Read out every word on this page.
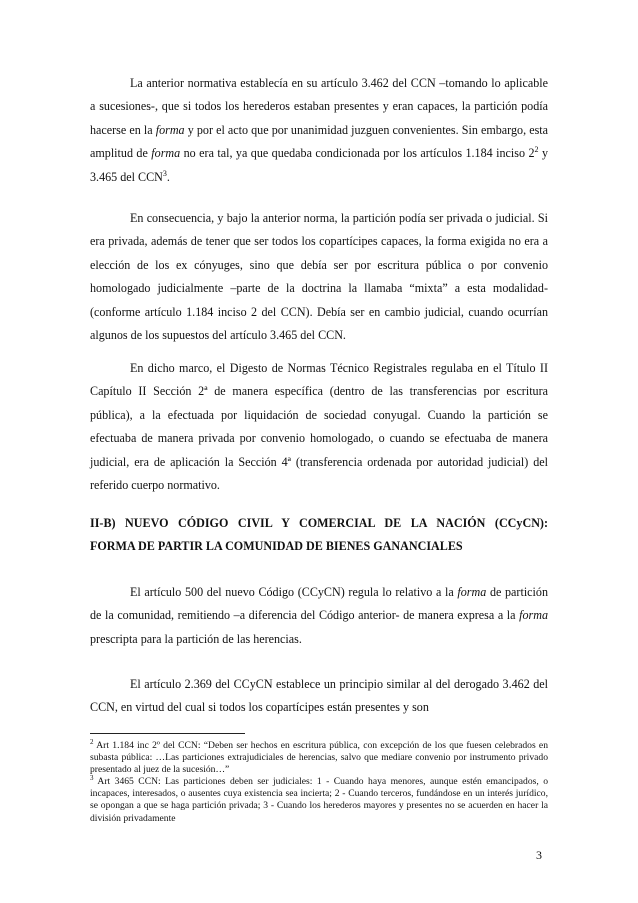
La anterior normativa establecía en su artículo 3.462 del CCN –tomando lo aplicable a sucesiones-, que si todos los herederos estaban presentes y eran capaces, la partición podía hacerse en la forma y por el acto que por unanimidad juzguen convenientes. Sin embargo, esta amplitud de forma no era tal, ya que quedaba condicionada por los artículos 1.184 inciso $2^2$ y 3.465 del CCN$^3$.

En consecuencia, y bajo la anterior norma, la partición podía ser privada o judicial. Si era privada, además de tener que ser todos los copartícipes capaces, la forma exigida no era a elección de los ex cónyuges, sino que debía ser por escritura pública o por convenio homologado judicialmente –parte de la doctrina la llamaba “mixta” a esta modalidad- (conforme artículo 1.184 inciso 2 del CCN). Debía ser en cambio judicial, cuando ocurrían algunos de los supuestos del artículo 3.465 del CCN.

En dicho marco, el Digesto de Normas Técnico Registrales regulaba en el Título II Capítulo II Sección 2ª de manera específica (dentro de las transferencias por escritura pública), a la efectuada por liquidación de sociedad conyugal. Cuando la partición se efectuaba de manera privada por convenio homologado, o cuando se efectuaba de manera judicial, era de aplicación la Sección 4ª (transferencia ordenada por autoridad judicial) del referido cuerpo normativo.

II-B) NUEVO CÓDIGO CIVIL Y COMERCIAL DE LA NACIÓN (CCyCN):
FORMA DE PARTIR LA COMUNIDAD DE BIENES GANANCIALES

El artículo 500 del nuevo Código (CCyCN) regula lo relativo a la forma de partición de la comunidad, remitiendo –a diferencia del Código anterior- de manera expresa a la forma prescripta para la partición de las herencias.

El artículo 2.369 del CCyCN establece un principio similar al del derogado 3.462 del CCN, en virtud del cual si todos los copartícipes están presentes y son

$^2$ Art 1.184 inc 2º del CCN: “Deben ser hechos en escritura pública, con excepción de los que fuesen celebrados en subasta pública: …Las particiones extrajudiciales de herencias, salvo que mediare convenio por instrumento privado presentado al juez de la sucesión…”

$^3$ Art 3465 CCN: Las particiones deben ser judiciales: 1 - Cuando haya menores, aunque estén emancipados, o incapaces, interesados, o ausentes cuya existencia sea incierta; 2 - Cuando terceros, fundándose en un interés jurídico, se opongan a que se haga partición privada; 3 - Cuando los herederos mayores y presentes no se acuerden en hacer la división privadamente

3
